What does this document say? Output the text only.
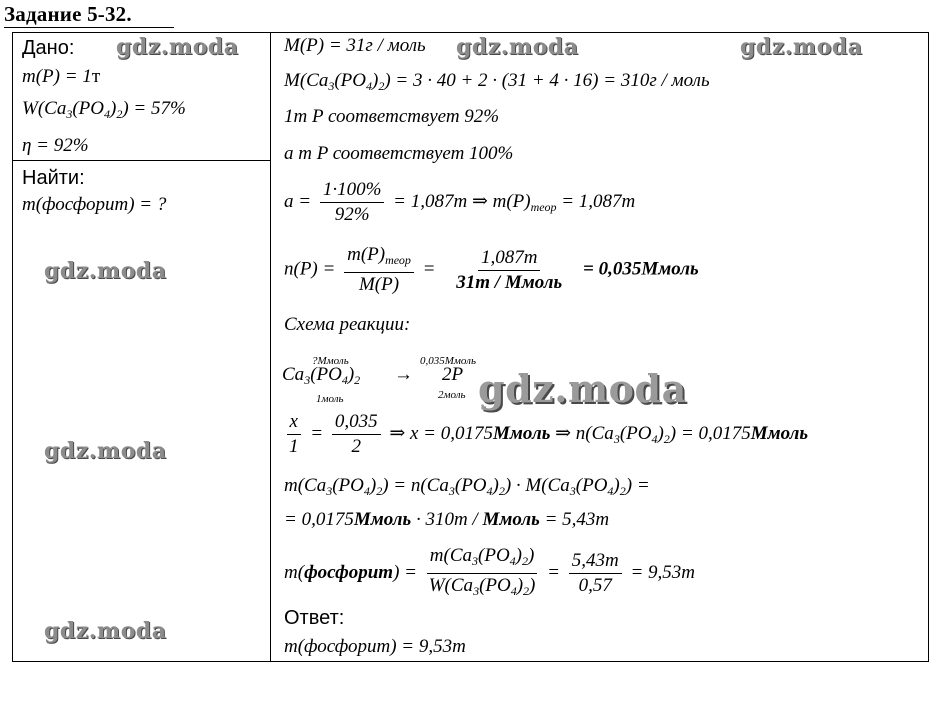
Задание 5-32.
Дано:
m(P) = 1т
$W(Ca_3(PO_4)_2) = 57\%$
η = 92%
Найти:
m(фосфорит) = ?
M(P) = 31г / моль
$M(Ca_3(PO_4)_2) = 3 \cdot 40 + 2 \cdot (31 + 4 \cdot 16) = 310г$ / моль
1т P соответствует 92%
a т P соответствует 100%
$a = \frac{1\cdot 100\%}{92\%} = 1,087т$ ⇒ $m(P)_{теор} = 1,087т$
$n(P) = \frac{m(P)_{теор}}{M(P)} = \frac{1,087т}{\text{31т / Ммоль}}$ = 0,035Ммоль
Схема реакции:
?Ммоль
$Ca_3(PO_4)_2$
1моль
→
0,035Ммоль
2P
2моль
$\frac{x}{1} = \frac{0,035}{2}$ ⇒ x = 0,0175Ммоль ⇒ $n(Ca_3(PO_4)_2)$ = 0,0175Ммоль
$m(Ca_3(PO_4)_2) = n(Ca_3(PO_4)_2) \cdot M(Ca_3(PO_4)_2)$ =
= 0,0175Ммоль · 310т / Ммоль = 5,43т
m(фосфорит) = $\frac{m(Ca_3(PO_4)_2)}{W(Ca_3(PO_4)_2)} = \frac{5,43т}{0,57} = 9,53т$
Ответ:
m(фосфорит) = 9,53т
gdz.moda	gdz.moda	gdz.moda
gdz.moda
gdz.moda
gdz.moda
gdz.moda
